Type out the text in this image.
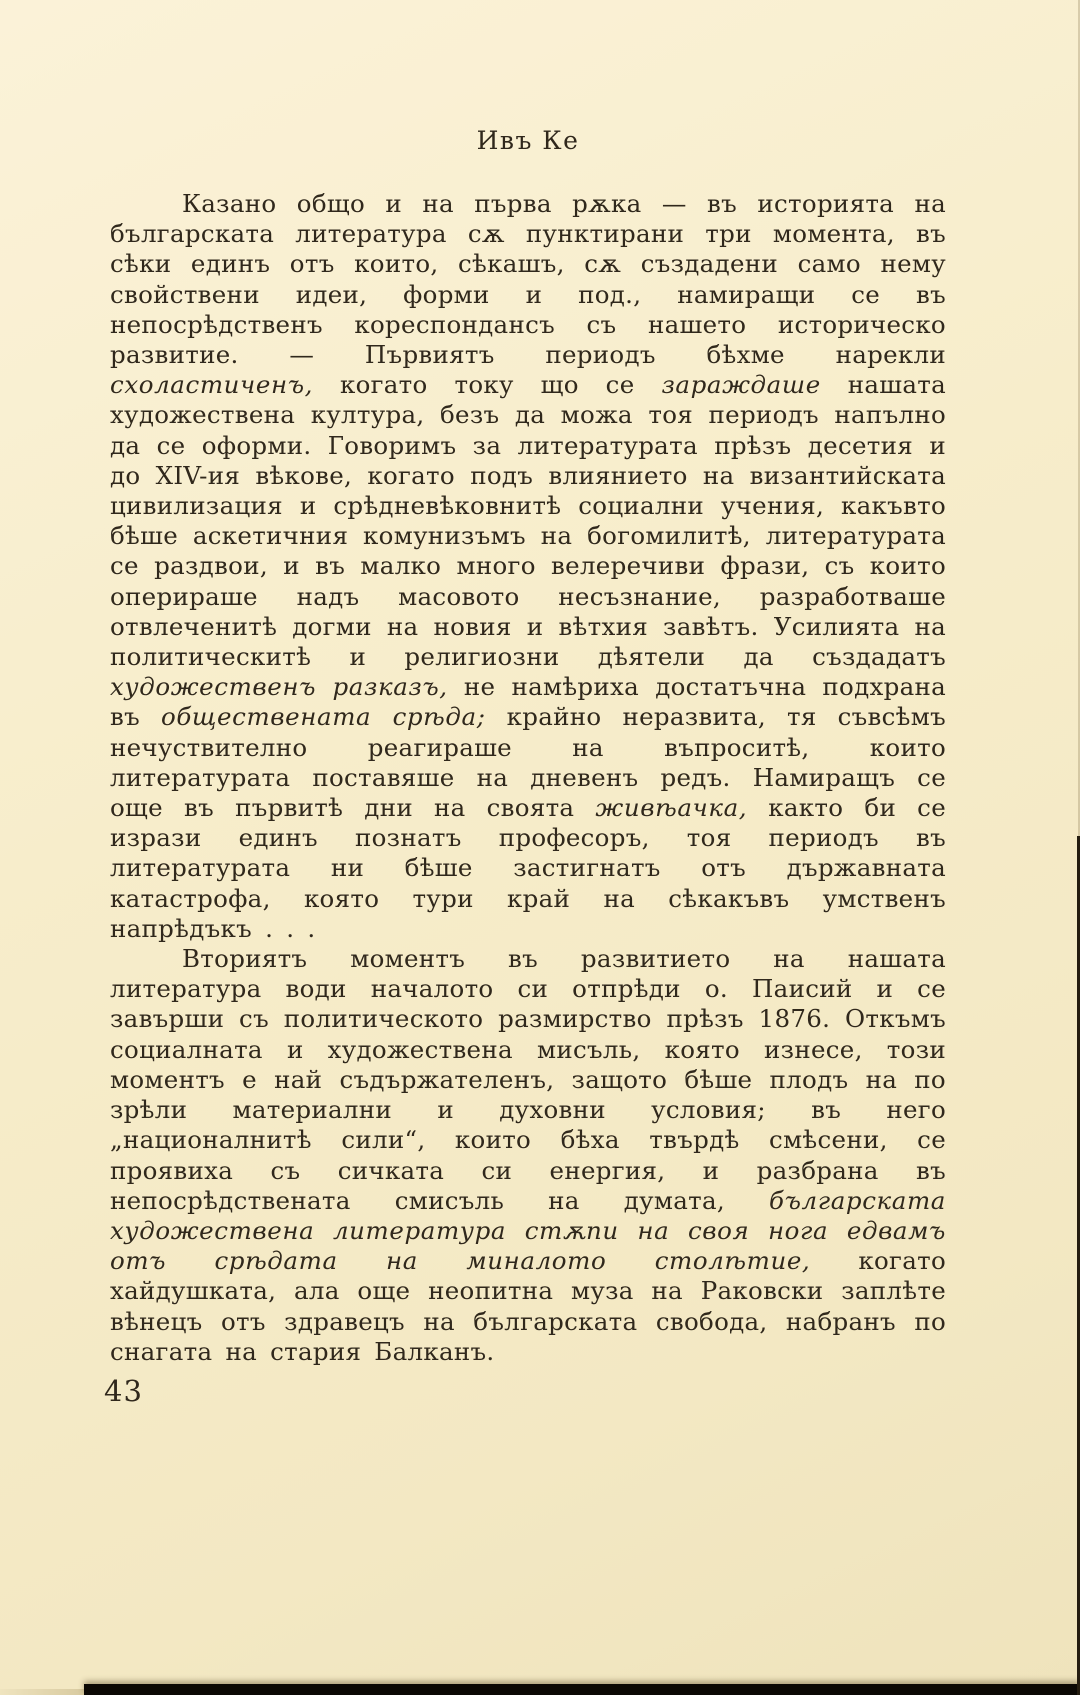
Ивъ Ке

Казано общо и на първа рѫка — въ историята на българската литература сѫ пунктирани три момента, въ сѣки единъ отъ които, сѣкашъ, сѫ създадени само нему свойствени идеи, форми и под., намиращи се въ непосрѣдственъ кореспондансъ съ нашето историческо развитие. — Първиятъ периодъ бѣхме нарекли схоластиченъ, когато току що се зараждаше нашата художествена култура, безъ да можа тоя периодъ напълно да се оформи. Говоримъ за литературата прѣзъ десетия и до XIV-ия вѣкове, когато подъ влиянието на византийската цивилизация и срѣдневѣковнитѣ социални учения, какъвто бѣше аскетичния комунизъмъ на богомилитѣ, литературата се раздвои, и въ малко много велеречиви фрази, съ които оперираше надъ масовото несъзнание, разработваше отвлеченитѣ догми на новия и вѣтхия завѣтъ. Усилията на политическитѣ и религиозни дѣятели да създадатъ художественъ разказъ, не намѣриха достатъчна подхрана въ обществената срѣда; крайно неразвита, тя съвсѣмъ нечуствително реагираше на въпроситѣ, които литературата поставяше на дневенъ редъ. Намиращъ се още въ първитѣ дни на своята живѣачка, както би се изрази единъ познатъ професоръ, тоя периодъ въ литературата ни бѣше застигнатъ отъ държавната катастрофа, която тури край на сѣкакъвъ умственъ напрѣдъкъ . . .

Вториятъ моментъ въ развитието на нашата литература води началото си отпрѣди о. Паисий и се завърши съ политическото размирство прѣзъ 1876. Откъмъ социалната и художествена мисъль, която изнесе, този моментъ е най съдържателенъ, защото бѣше плодъ на по зрѣли материални и духовни условия; въ него „националнитѣ сили“, които бѣха твърдѣ смѣсени, се проявиха съ сичката си енергия, и разбрана въ непосрѣдствената смисъль на думата, българската художествена литература стѫпи на своя нога едвамъ отъ срѣдата на миналото столѣтие, когато хайдушката, ала още неопитна муза на Раковски заплѣте вѣнецъ отъ здравецъ на българската свобода, набранъ по снагата на стария Балканъ.

43
